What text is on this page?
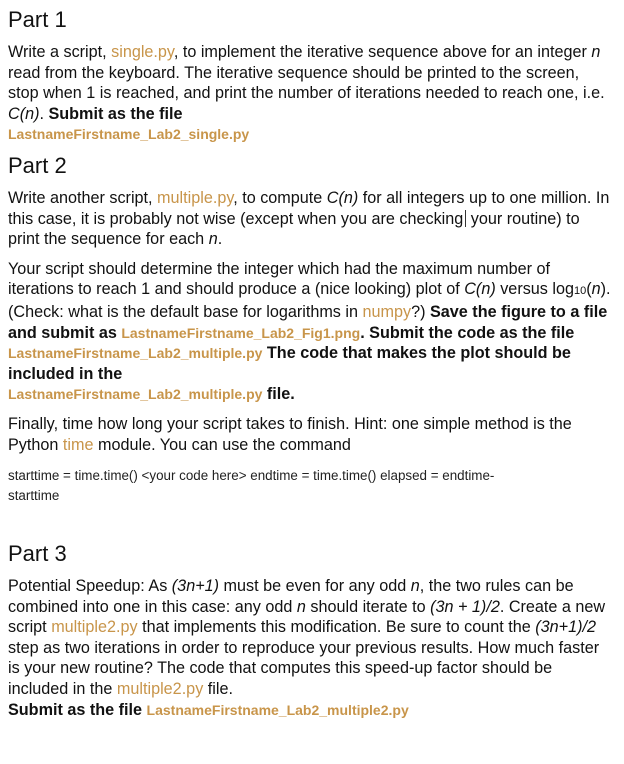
Part 1

Write a script, single.py, to implement the iterative sequence above for an integer n read from the keyboard. The iterative sequence should be printed to the screen, stop when 1 is reached, and print the number of iterations needed to reach one, i.e. C(n). Submit as the file
LastnameFirstname_Lab2_single.py

Part 2

Write another script, multiple.py, to compute C(n) for all integers up to one million. In this case, it is probably not wise (except when you are checking your routine) to print the sequence for each n.

Your script should determine the integer which had the maximum number of iterations to reach 1 and should produce a (nice looking) plot of C(n) versus log10(n). (Check: what is the default base for logarithms in numpy?) Save the figure to a file and submit as LastnameFirstname_Lab2_Fig1.png. Submit the code as the file LastnameFirstname_Lab2_multiple.py The code that makes the plot should be included in the
LastnameFirstname_Lab2_multiple.py file.

Finally, time how long your script takes to finish. Hint: one simple method is the Python time module. You can use the command

starttime = time.time() <your code here> endtime = time.time() elapsed = endtime-starttime

Part 3

Potential Speedup: As (3n+1) must be even for any odd n, the two rules can be combined into one in this case: any odd n should iterate to (3n + 1)/2. Create a new script multiple2.py that implements this modification. Be sure to count the (3n+1)/2 step as two iterations in order to reproduce your previous results. How much faster is your new routine? The code that computes this speed-up factor should be included in the multiple2.py file.
Submit as the file LastnameFirstname_Lab2_multiple2.py
